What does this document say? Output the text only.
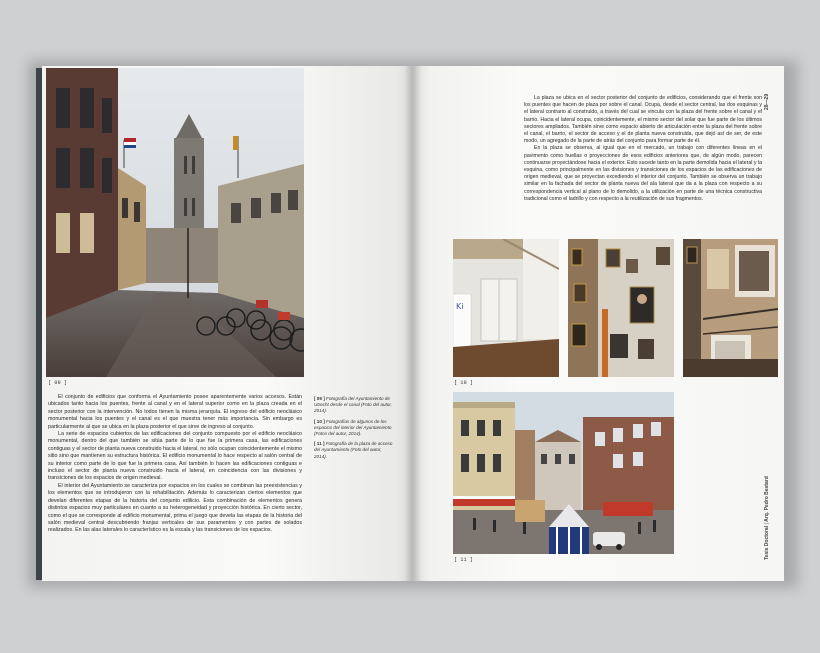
[ 09 ]

El conjunto de edificios que conforma el Ayuntamiento posee aparentemente varios accesos. Están ubicados tanto hacia los puentes, frente al canal y en el lateral superior como en la plaza creada en el sector posterior con la intervención. No todos tienen la misma jerarquía. El ingreso del edificio neoclásico monumental hacia los puentes y el canal es el que muestra tener más importancia. Sin embargo es particularmente al que se ubica en la plaza posterior el que sirve de ingreso al conjunto.

La serie de espacios cubiertos de las edificaciones del conjunto compuesto por el edificio neoclásico monumental, dentro del que también se sitúa parte de lo que fue la primera casa, las edificaciones contiguas y el sector de planta nueva construido hacia el lateral, no sólo ocupan coincidentemente el mismo sitio sino que mantienen su estructura histórica. El edificio monumental lo hace respecto al salón central de su interior como parte de lo que fue la primera casa. Así también lo hacen las edificaciones contiguas e incluso el sector de planta nueva construido hacia el lateral, en coincidencia con las divisiones y transiciones de los espacios de origen medieval.

El interior del Ayuntamiento se caracteriza por espacios en los cuales se combinan las preexistencias y los elementos que se introdujeron con la rehabilitación. Además lo caracterizan ciertos elementos que develan diferentes etapas de la historia del conjunto edilicio. Esta combinación de elementos genera distintos espacios muy particulares en cuanto a su heterogeneidad y proyección histórica. En cierto sector, como el que se corresponde al edificio monumental, prima el juego que devela las etapas de la historia del salón medieval central descubriendo franjas verticales de sus paramentos y con partes de solados realizados. En las alas laterales lo característico es la escala y las transiciones de los espacios.

[ 09 ] Fotografía del Ayuntamiento de Utrecht desde el canal (Foto del autor, 2014).

[ 10 ] Fotografías de algunos de los espacios del interior del Ayuntamiento (Fotos del autor, 2014).

[ 11 ] Fotografía de la plaza de acceso del Ayuntamiento (Foto del autor, 2014).

La plaza se ubica en el sector posterior del conjunto de edificios, considerando que el frente son los puentes que hacen de plaza por sobre el canal. Ocupa, desde el sector central, las dos esquinas y el lateral contrario al construido, a través del cual se vincula con la plaza del frente sobre el canal y el barrio. Hacia el lateral ocupa, coincidentemente, el mismo sector del solar que fue parte de los últimos sectores ampliados. También sirve como espacio abierto de articulación entre la plaza del frente sobre el canal, el barrio, el sector de acceso y el de planta nueva construida, que dejó así de ser, de este modo, un agregado de la parte de atrás del conjunto para formar parte de él.

En la plaza se observa, al igual que en el mercado, un trabajo con diferentes líneas en el pavimento como huellas o proyecciones de esos edificios anteriores que, de algún modo, parecen continuarse proyectándose hacia el exterior. Esto sucede tanto en la parte demolida hacia el lateral y la esquina, como principalmente en las divisiones y transiciones de los espacios de las edificaciones de origen medieval, que se proyectan excediendo el interior del conjunto. También se observa un trabajo similar en la fachada del sector de planta nueva del ala lateral que da a la plaza con respecto a su correspondencia vertical al plano de lo demolido, a la utilización en parte de una técnica constructiva tradicional como el ladrillo y con respecto a la reutilización de sus fragmentos.

28—29
Ki
[ 10 ]
[ 11 ]	Tesis Doctoral | Arq. Pedro Bestard
